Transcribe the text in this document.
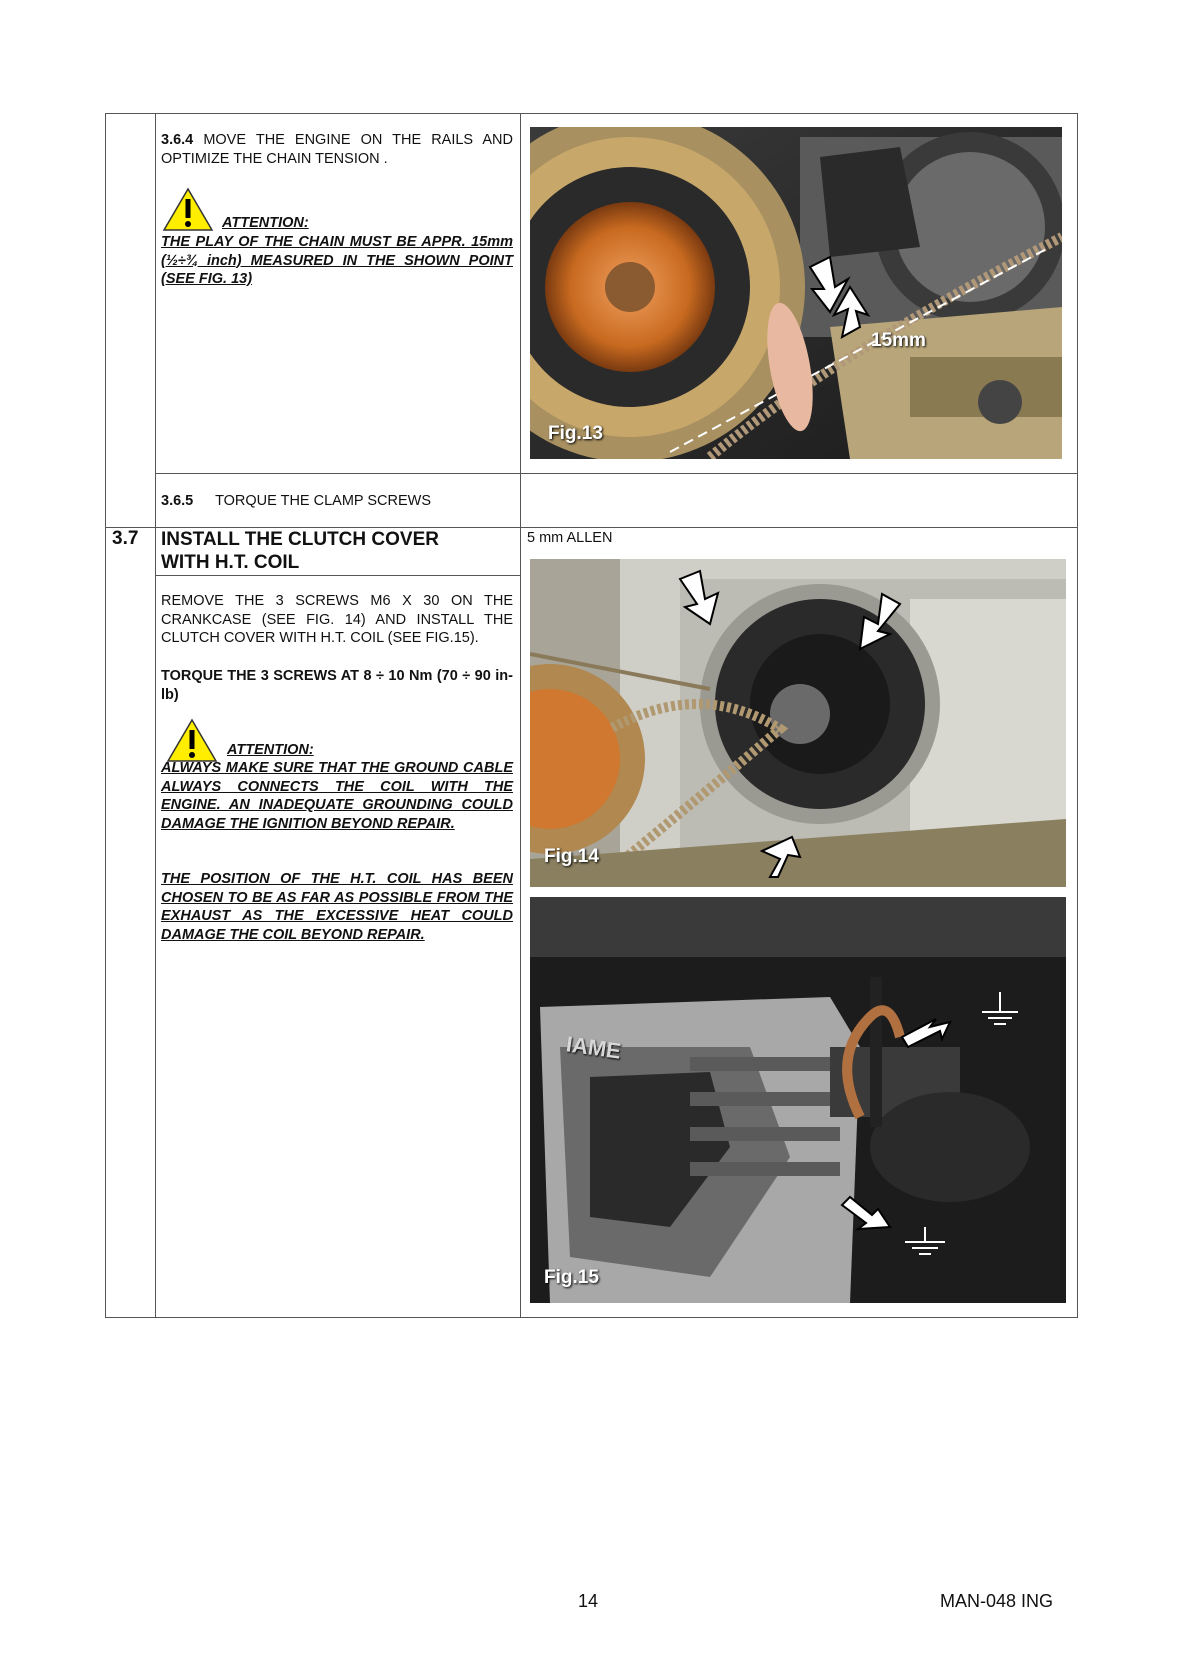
3.6.4 MOVE THE ENGINE ON THE RAILS AND OPTIMIZE THE CHAIN TENSION .
ATTENTION:
THE PLAY OF THE CHAIN MUST BE APPR. 15mm (½÷¾ inch) MEASURED IN THE SHOWN POINT (SEE FIG. 13)
15mm
Fig.13
3.6.5 TORQUE THE CLAMP SCREWS
3.7 INSTALL THE CLUTCH COVER
WITH H.T. COIL
5 mm ALLEN
REMOVE THE 3 SCREWS M6 X 30 ON THE CRANKCASE (SEE FIG. 14) AND INSTALL THE CLUTCH COVER WITH H.T. COIL (SEE FIG.15).
TORQUE THE 3 SCREWS AT 8 ÷ 10 Nm (70 ÷ 90 in-lb)
ATTENTION:
ALWAYS MAKE SURE THAT THE GROUND CABLE ALWAYS CONNECTS THE COIL WITH THE ENGINE. AN INADEQUATE GROUNDING COULD DAMAGE THE IGNITION BEYOND REPAIR.
THE POSITION OF THE H.T. COIL HAS BEEN CHOSEN TO BE AS FAR AS POSSIBLE FROM THE EXHAUST AS THE EXCESSIVE HEAT COULD DAMAGE THE COIL BEYOND REPAIR.
Fig.14
IAME
Fig.15
14	MAN-048 ING
